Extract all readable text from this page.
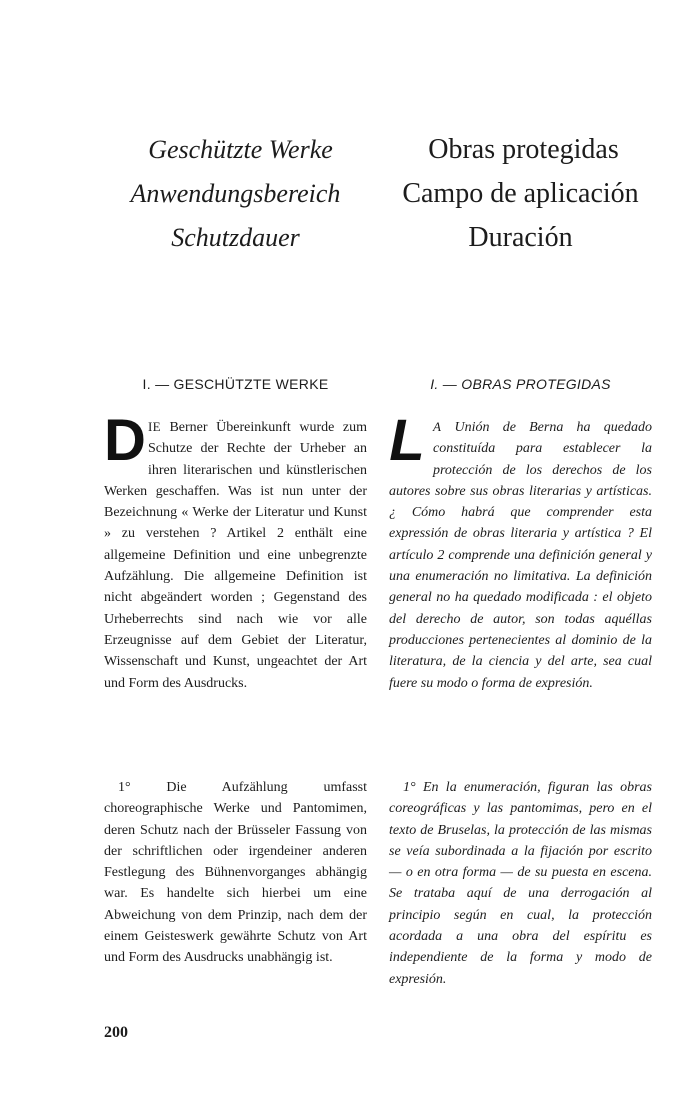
Geschützte Werke
Anwendungsbereich
Schutzdauer
Obras protegidas
Campo de aplicación
Duración
I. — GESCHÜTZTE WERKE	I. — OBRAS PROTEGIDAS
DIE Berner Übereinkunft wurde zum Schutze der Rechte der Urheber an ihren literarischen und künstlerischen Werken geschaffen. Was ist nun unter der Bezeichnung « Werke der Literatur und Kunst » zu verstehen ? Artikel 2 enthält eine allgemeine Definition und eine unbegrenzte Aufzählung. Die allgemeine Definition ist nicht abgeändert worden ; Gegenstand des Urheberrechts sind nach wie vor alle Erzeugnisse auf dem Gebiet der Literatur, Wissenschaft und Kunst, ungeachtet der Art und Form des Ausdrucks.
L A Unión de Berna ha quedado constituída para establecer la protección de los derechos de los autores sobre sus obras literarias y artísticas. ¿ Cómo habrá que comprender esta expressión de obras literaria y artística ? El artículo 2 comprende una definición general y una enumeración no limitativa. La definición general no ha quedado modificada : el objeto del derecho de autor, son todas aquéllas producciones pertenecientes al dominio de la literatura, de la ciencia y del arte, sea cual fuere su modo o forma de expresión.
1°	Die Aufzählung umfasst choreographische Werke und Pantomimen, deren Schutz nach der Brüsseler Fassung von der schriftlichen oder irgendeiner anderen Festlegung des Bühnenvorganges abhängig war. Es handelte sich hierbei um eine Abweichung von dem Prinzip, nach dem der einem Geisteswerk gewährte Schutz von Art und Form des Ausdrucks unabhängig ist.
1° En la enumeración, figuran las obras coreográficas y las pantomimas, pero en el texto de Bruselas, la protección de las mismas se veía subordinada a la fijación por escrito — o en otra forma — de su puesta en escena. Se trataba aquí de una derrogación al principio según en cual, la protección acordada a una obra del espíritu es independiente de la forma y modo de expresión.
200
